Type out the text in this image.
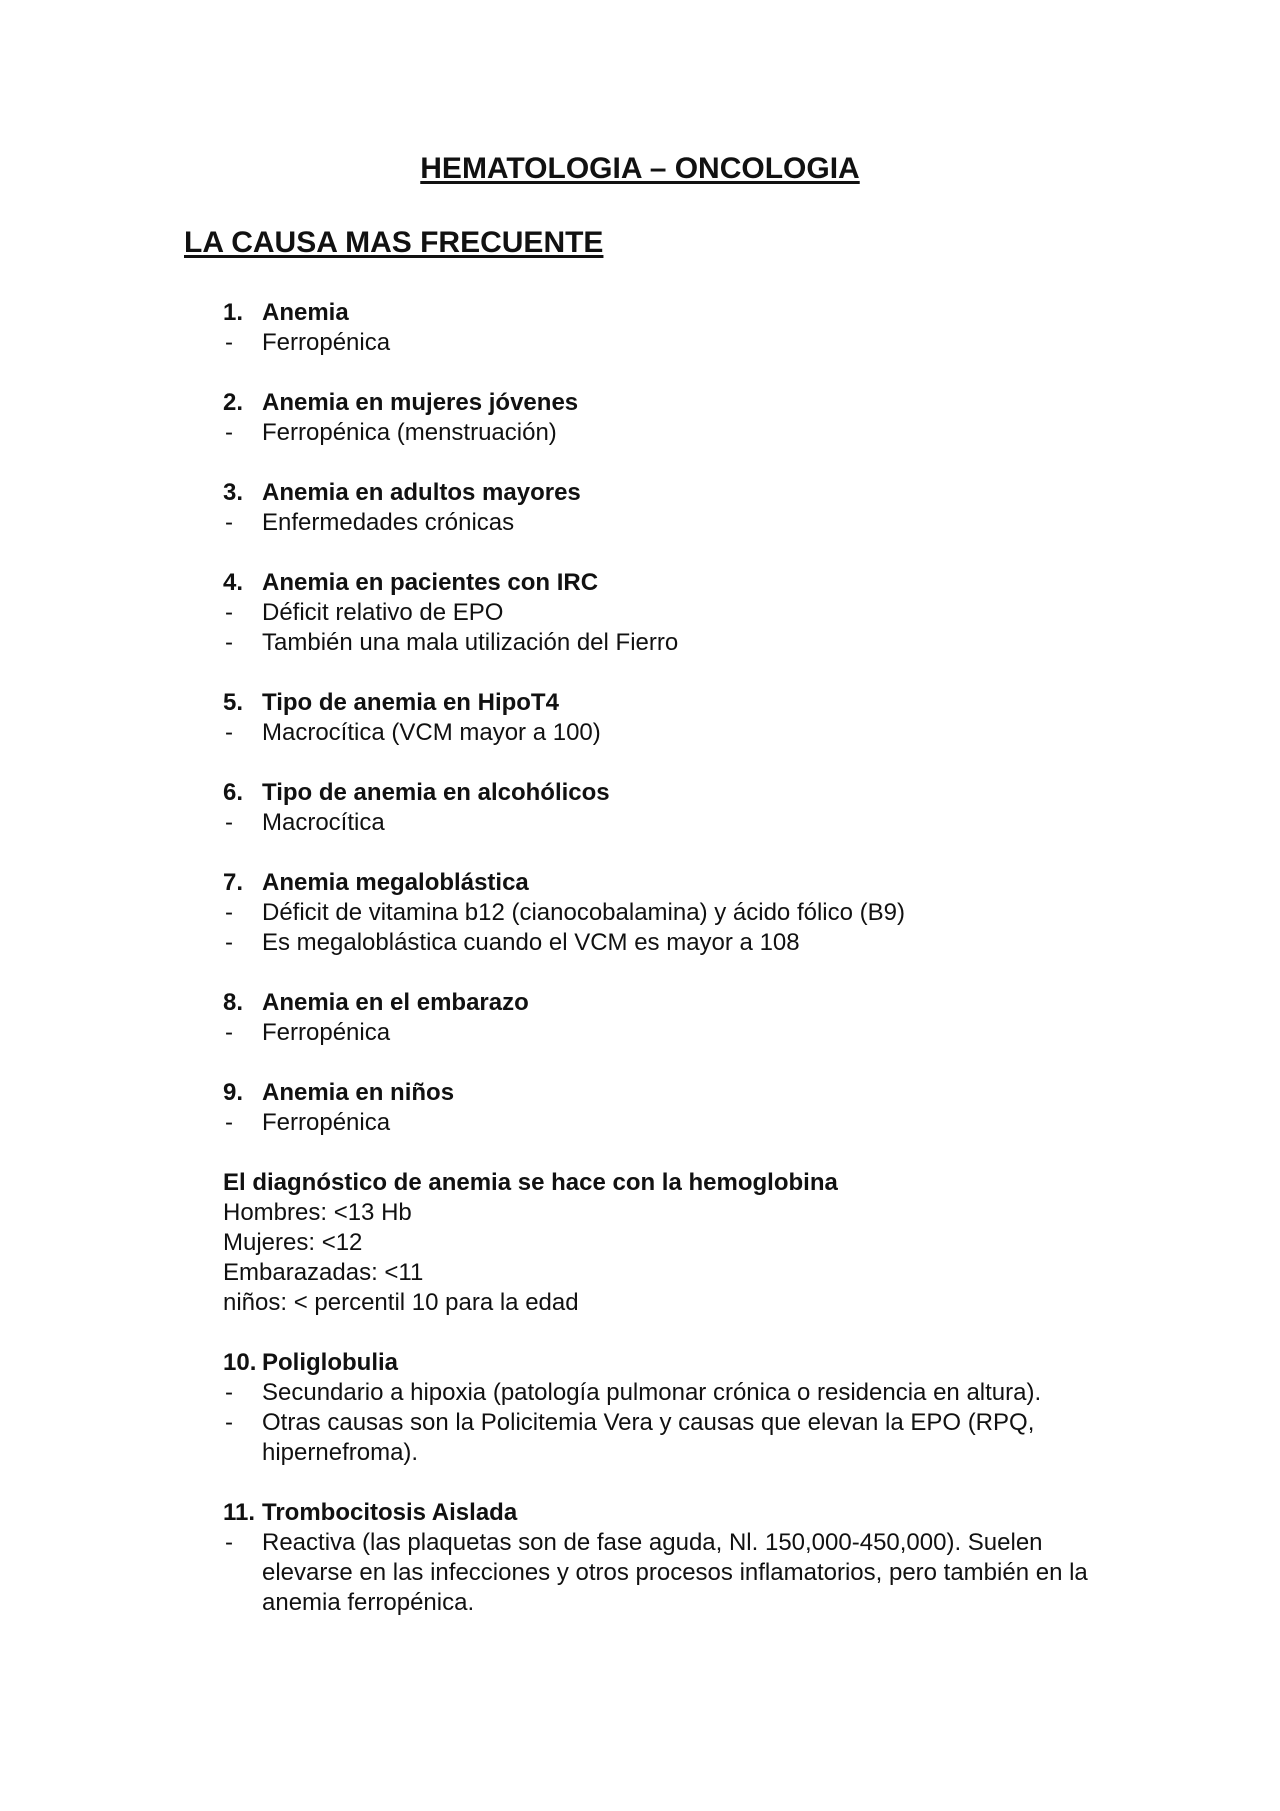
HEMATOLOGIA – ONCOLOGIA
LA CAUSA MAS FRECUENTE
1. Anemia
-	Ferropénica
2. Anemia en mujeres jóvenes
-	Ferropénica (menstruación)
3. Anemia en adultos mayores
-	Enfermedades crónicas
4. Anemia en pacientes con IRC
-	Déficit relativo de EPO
-	También una mala utilización del Fierro
5. Tipo de anemia en HipoT4
-	Macrocítica (VCM mayor a 100)
6. Tipo de anemia en alcohólicos
-	Macrocítica
7. Anemia megaloblástica
-	Déficit de vitamina b12 (cianocobalamina) y ácido fólico (B9)
-	Es megaloblástica cuando el VCM es mayor a 108
8. Anemia en el embarazo
-	Ferropénica
9. Anemia en niños
-	Ferropénica
El diagnóstico de anemia se hace con la hemoglobina
Hombres: <13 Hb
Mujeres: <12
Embarazadas: <11
niños: < percentil 10 para la edad
10. Poliglobulia
-	Secundario a hipoxia (patología pulmonar crónica o residencia en altura).
-	Otras causas son la Policitemia Vera y causas que elevan la EPO (RPQ, hipernefroma).
11. Trombocitosis Aislada
-	Reactiva (las plaquetas son de fase aguda, Nl. 150,000-450,000). Suelen elevarse en las infecciones y otros procesos inflamatorios, pero también en la anemia ferropénica.
